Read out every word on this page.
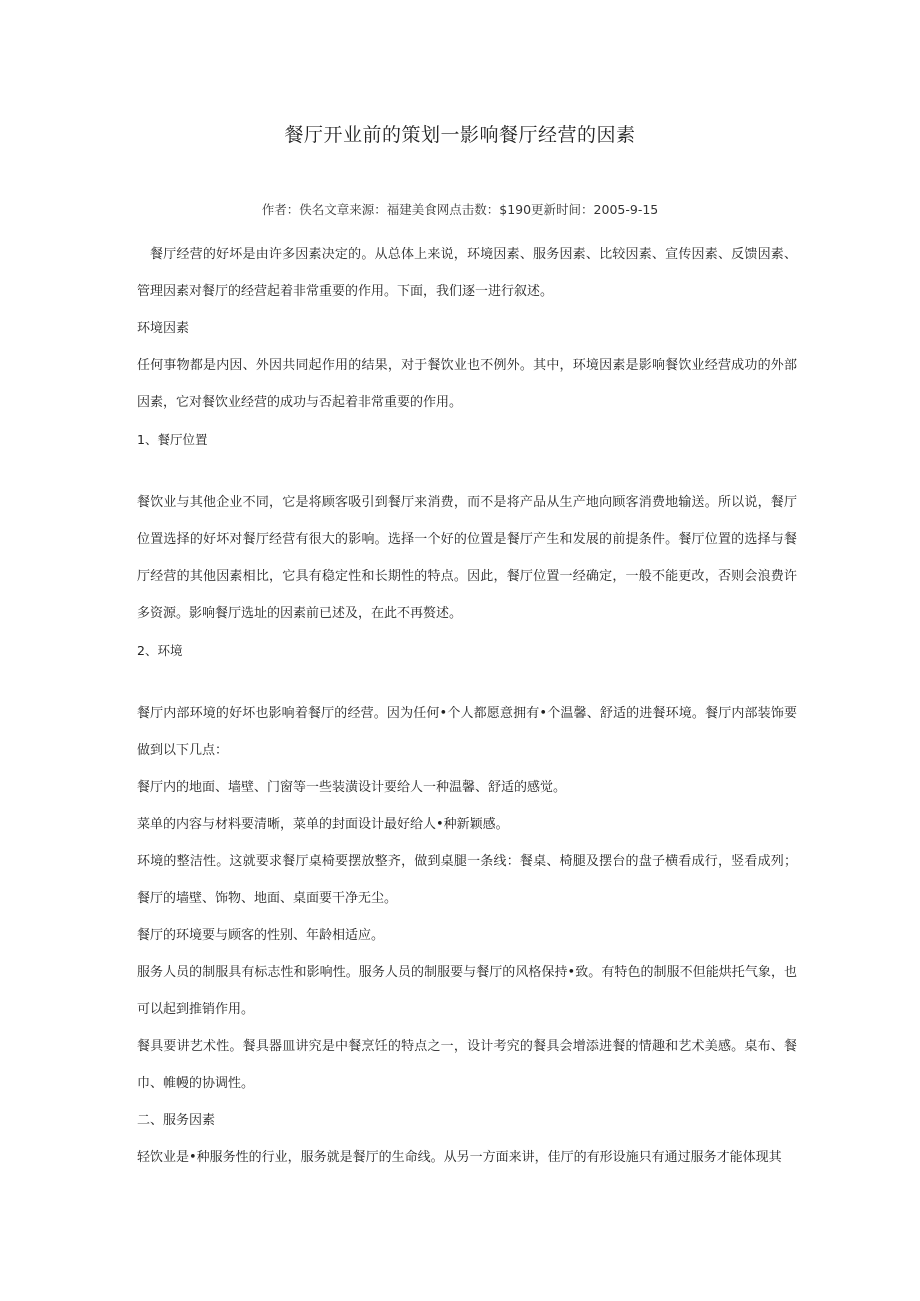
餐厅开业前的策划一影响餐厅经营的因素
作者：佚名文章来源：福建美食网点击数：$190更新时间：2005-9-15

餐厅经营的好坏是由许多因素决定的。从总体上来说，环境因素、服务因素、比较因素、宣传因素、反馈因素、管理因素对餐厅的经营起着非常重要的作用。下面，我们逐一进行叙述。

环境因素

任何事物都是内因、外因共同起作用的结果，对于餐饮业也不例外。其中，环境因素是影响餐饮业经营成功的外部因素，它对餐饮业经营的成功与否起着非常重要的作用。

1、餐厅位置

餐饮业与其他企业不同，它是将顾客吸引到餐厅来消费，而不是将产品从生产地向顾客消费地输送。所以说，餐厅位置选择的好坏对餐厅经营有很大的影响。选择一个好的位置是餐厅产生和发展的前提条件。餐厅位置的选择与餐厅经营的其他因素相比，它具有稳定性和长期性的特点。因此，餐厅位置一经确定，一般不能更改，否则会浪费许多资源。影响餐厅选址的因素前已述及，在此不再赘述。

2、环境

餐厅内部环境的好坏也影响着餐厅的经营。因为任何•个人都愿意拥有•个温馨、舒适的进餐环境。餐厅内部装饰要做到以下几点：

餐厅内的地面、墙壁、门窗等一些装潢设计要给人一种温馨、舒适的感觉。

菜单的内容与材料要清晰，菜单的封面设计最好给人•种新颖感。

环境的整洁性。这就要求餐厅桌椅要摆放整齐，做到桌腿一条线：餐桌、椅腿及摆台的盘子横看成行，竖看成列；餐厅的墙壁、饰物、地面、桌面要干净无尘。

餐厅的环境要与顾客的性别、年龄相适应。

服务人员的制服具有标志性和影响性。服务人员的制服要与餐厅的风格保持•致。有特色的制服不但能烘托气象，也可以起到推销作用。

餐具要讲艺术性。餐具器皿讲究是中餐烹饪的特点之一，设计考究的餐具会增添进餐的情趣和艺术美感。桌布、餐巾、帷幔的协调性。

二、服务因素

轻饮业是•种服务性的行业，服务就是餐厅的生命线。从另一方面来讲，佳厅的有形设施只有通过服务才能体现其
